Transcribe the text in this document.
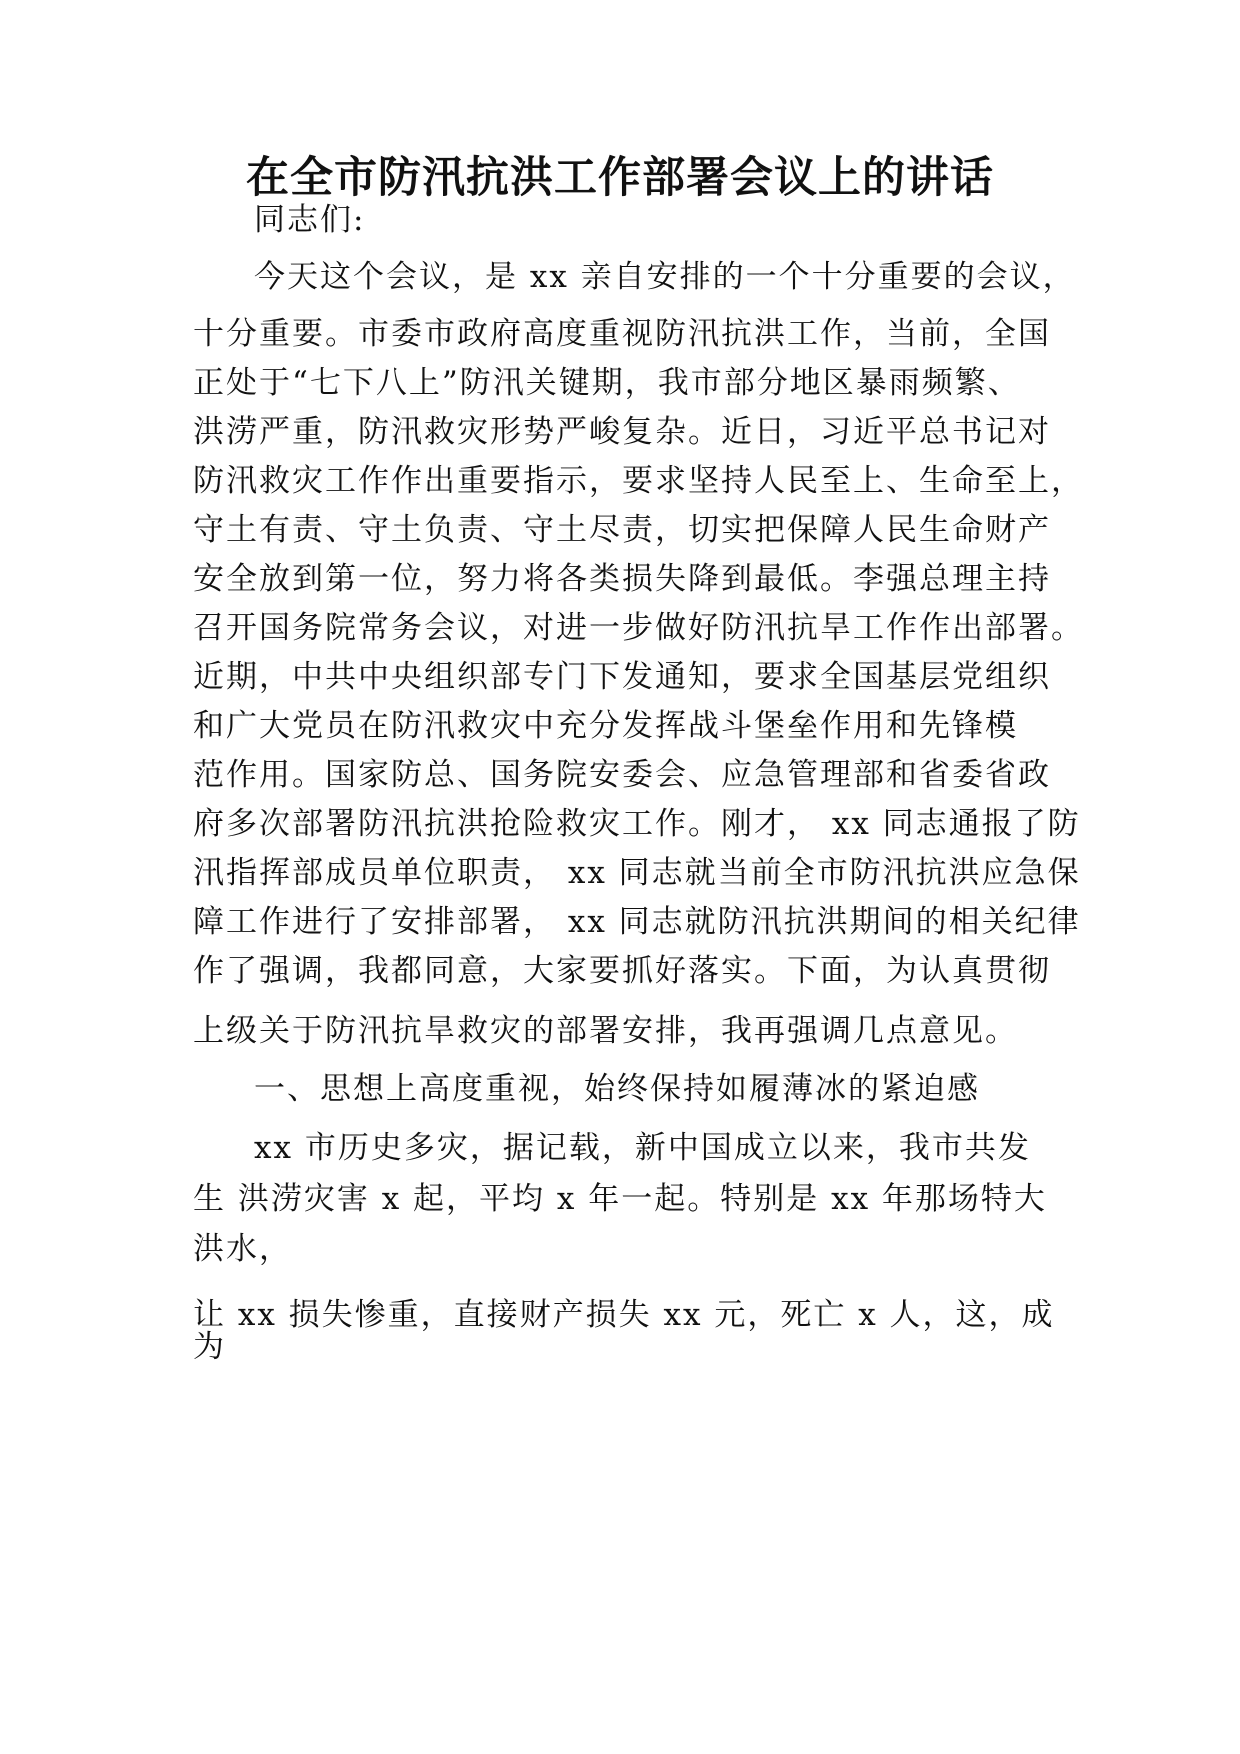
在全市防汛抗洪工作部署会议上的讲话

同志们:

今天这个会议，是 xx 亲自安排的一个十分重要的会议，

十分重要。市委市政府高度重视防汛抗洪工作，当前，全国

正处于“七下八上”防汛关键期，我市部分地区暴雨频繁、

洪涝严重，防汛救灾形势严峻复杂。近日，习近平总书记对

防汛救灾工作作出重要指示，要求坚持人民至上、生命至上，

守土有责、守土负责、守土尽责，切实把保障人民生命财产

安全放到第一位，努力将各类损失降到最低。李强总理主持

召开国务院常务会议，对进一步做好防汛抗旱工作作出部署。

近期，中共中央组织部专门下发通知，要求全国基层党组织

和广大党员在防汛救灾中充分发挥战斗堡垒作用和先锋模

范作用。国家防总、国务院安委会、应急管理部和省委省政

府多次部署防汛抗洪抢险救灾工作。刚才， xx 同志通报了防

汛指挥部成员单位职责， xx 同志就当前全市防汛抗洪应急保

障工作进行了安排部署， xx 同志就防汛抗洪期间的相关纪律

作了强调，我都同意，大家要抓好落实。下面，为认真贯彻

上级关于防汛抗旱救灾的部署安排，我再强调几点意见。

一、思想上高度重视，始终保持如履薄冰的紧迫感

xx 市历史多灾，据记载，新中国成立以来，我市共发

生 洪涝灾害 x 起，平均 x 年一起。特别是 xx 年那场特大

洪水，

让 xx 损失惨重，直接财产损失 xx 元，死亡 x 人，这，成

为
